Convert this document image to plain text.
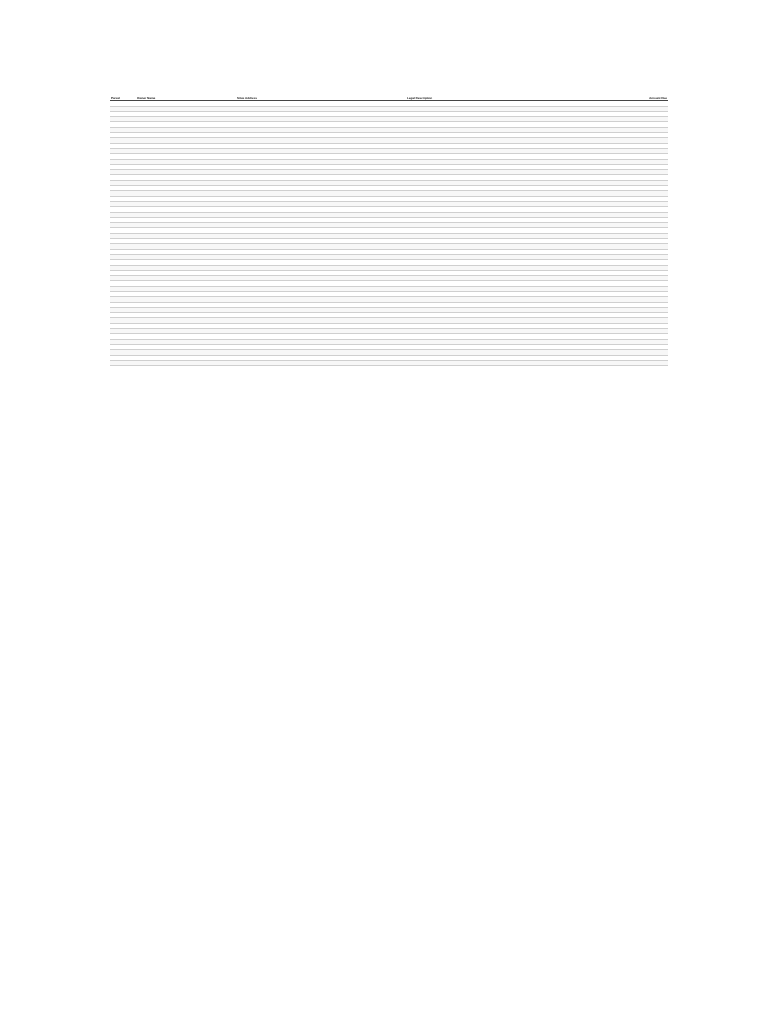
Parcel	Owner Name	Situs Address	Legal Description	Amount Due
